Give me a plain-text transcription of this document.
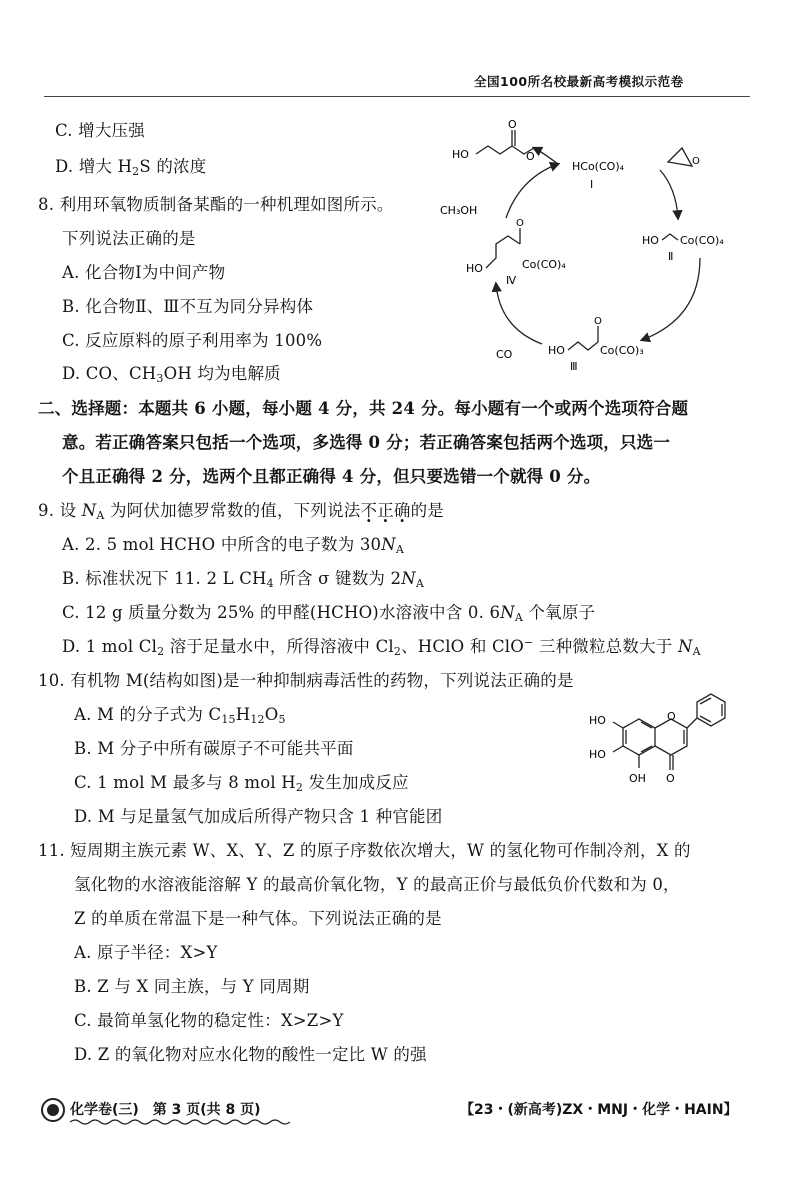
全国100所名校最新高考模拟示范卷
C. 增大压强
D. 增大 $H_2S$ 的浓度
8. 利用环氧物质制备某酯的一种机理如图所示。
下列说法正确的是
A. 化合物Ⅰ为中间产物
B. 化合物Ⅱ、Ⅲ不互为同分异构体
C. 反应原料的原子利用率为 100%
D. CO、$CH_3OH$ 均为电解质
HO
O
O
HCo(CO)₄
Ⅰ
O
HO Co(CO)₄
Ⅱ
HO
O
Co(CO)₃
Ⅲ
HO
O
Co(CO)₄
Ⅳ
CO
CH₃OH
二、选择题：本题共 6 小题，每小题 4 分，共 24 分。每小题有一个或两个选项符合题
意。若正确答案只包括一个选项，多选得 0 分；若正确答案包括两个选项，只选一
个且正确得 2 分，选两个且都正确得 4 分，但只要选错一个就得 0 分。
9. 设 $N_A$ 为阿伏加德罗常数的值，下列说法不正确的是
A. 2. 5 mol HCHO 中所含的电子数为 $30N_A$
B. 标准状况下 11. 2 L $CH_4$ 所含 σ 键数为 $2N_A$
C. 12 g 质量分数为 25% 的甲醛(HCHO)水溶液中含 0. $6N_A$ 个氧原子
D. 1 mol $Cl_2$ 溶于足量水中，所得溶液中 $Cl_2$、HClO 和 ClO− 三种微粒总数大于 $N_A$
10. 有机物 M(结构如图)是一种抑制病毒活性的药物，下列说法正确的是
A. M 的分子式为 $C_{15}H_{12}O_5$
B. M 分子中所有碳原子不可能共平面
C. 1 mol M 最多与 8 mol $H_2$ 发生加成反应
D. M 与足量氢气加成后所得产物只含 1 种官能团
O
O
HO
HO
OH
11. 短周期主族元素 W、X、Y、Z 的原子序数依次增大，W 的氢化物可作制冷剂，X 的
氢化物的水溶液能溶解 Y 的最高价氧化物，Y 的最高正价与最低负价代数和为 0，
Z 的单质在常温下是一种气体。下列说法正确的是
A. 原子半径：X>Y
B. Z 与 X 同主族，与 Y 同周期
C. 最简单氢化物的稳定性：X>Z>Y
D. Z 的氧化物对应水化物的酸性一定比 W 的强
化学卷(三)　第 3 页(共 8 页)	【23・(新高考)ZX・MNJ・化学・HAIN】
